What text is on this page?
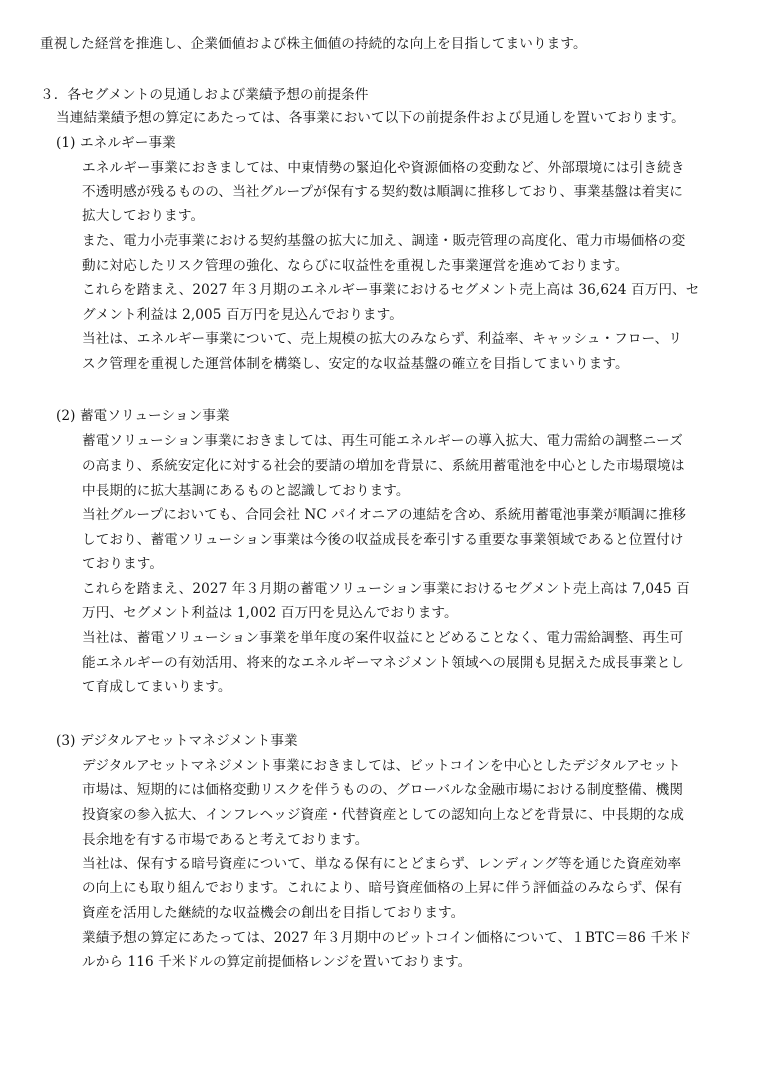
重視した経営を推進し、企業価値および株主価値の持続的な向上を目指してまいります。
３．各セグメントの見通しおよび業績予想の前提条件
当連結業績予想の算定にあたっては、各事業において以下の前提条件および見通しを置いております。
(1) エネルギー事業
エネルギー事業におきましては、中東情勢の緊迫化や資源価格の変動など、外部環境には引き続き
不透明感が残るものの、当社グループが保有する契約数は順調に推移しており、事業基盤は着実に
拡大しております。
また、電力小売事業における契約基盤の拡大に加え、調達・販売管理の高度化、電力市場価格の変
動に対応したリスク管理の強化、ならびに収益性を重視した事業運営を進めております。
これらを踏まえ、2027 年３月期のエネルギー事業におけるセグメント売上高は 36,624 百万円、セ
グメント利益は 2,005 百万円を見込んでおります。
当社は、エネルギー事業について、売上規模の拡大のみならず、利益率、キャッシュ・フロー、リ
スク管理を重視した運営体制を構築し、安定的な収益基盤の確立を目指してまいります。
(2) 蓄電ソリューション事業
蓄電ソリューション事業におきましては、再生可能エネルギーの導入拡大、電力需給の調整ニーズ
の高まり、系統安定化に対する社会的要請の増加を背景に、系統用蓄電池を中心とした市場環境は
中長期的に拡大基調にあるものと認識しております。
当社グループにおいても、合同会社 NC パイオニアの連結を含め、系統用蓄電池事業が順調に推移
しており、蓄電ソリューション事業は今後の収益成長を牽引する重要な事業領域であると位置付け
ております。
これらを踏まえ、2027 年３月期の蓄電ソリューション事業におけるセグメント売上高は 7,045 百
万円、セグメント利益は 1,002 百万円を見込んでおります。
当社は、蓄電ソリューション事業を単年度の案件収益にとどめることなく、電力需給調整、再生可
能エネルギーの有効活用、将来的なエネルギーマネジメント領域への展開も見据えた成長事業とし
て育成してまいります。
(3) デジタルアセットマネジメント事業
デジタルアセットマネジメント事業におきましては、ビットコインを中心としたデジタルアセット
市場は、短期的には価格変動リスクを伴うものの、グローバルな金融市場における制度整備、機関
投資家の参入拡大、インフレヘッジ資産・代替資産としての認知向上などを背景に、中長期的な成
長余地を有する市場であると考えております。
当社は、保有する暗号資産について、単なる保有にとどまらず、レンディング等を通じた資産効率
の向上にも取り組んでおります。これにより、暗号資産価格の上昇に伴う評価益のみならず、保有
資産を活用した継続的な収益機会の創出を目指しております。
業績予想の算定にあたっては、2027 年３月期中のビットコイン価格について、１BTC＝86 千米ド
ルから 116 千米ドルの算定前提価格レンジを置いております。
